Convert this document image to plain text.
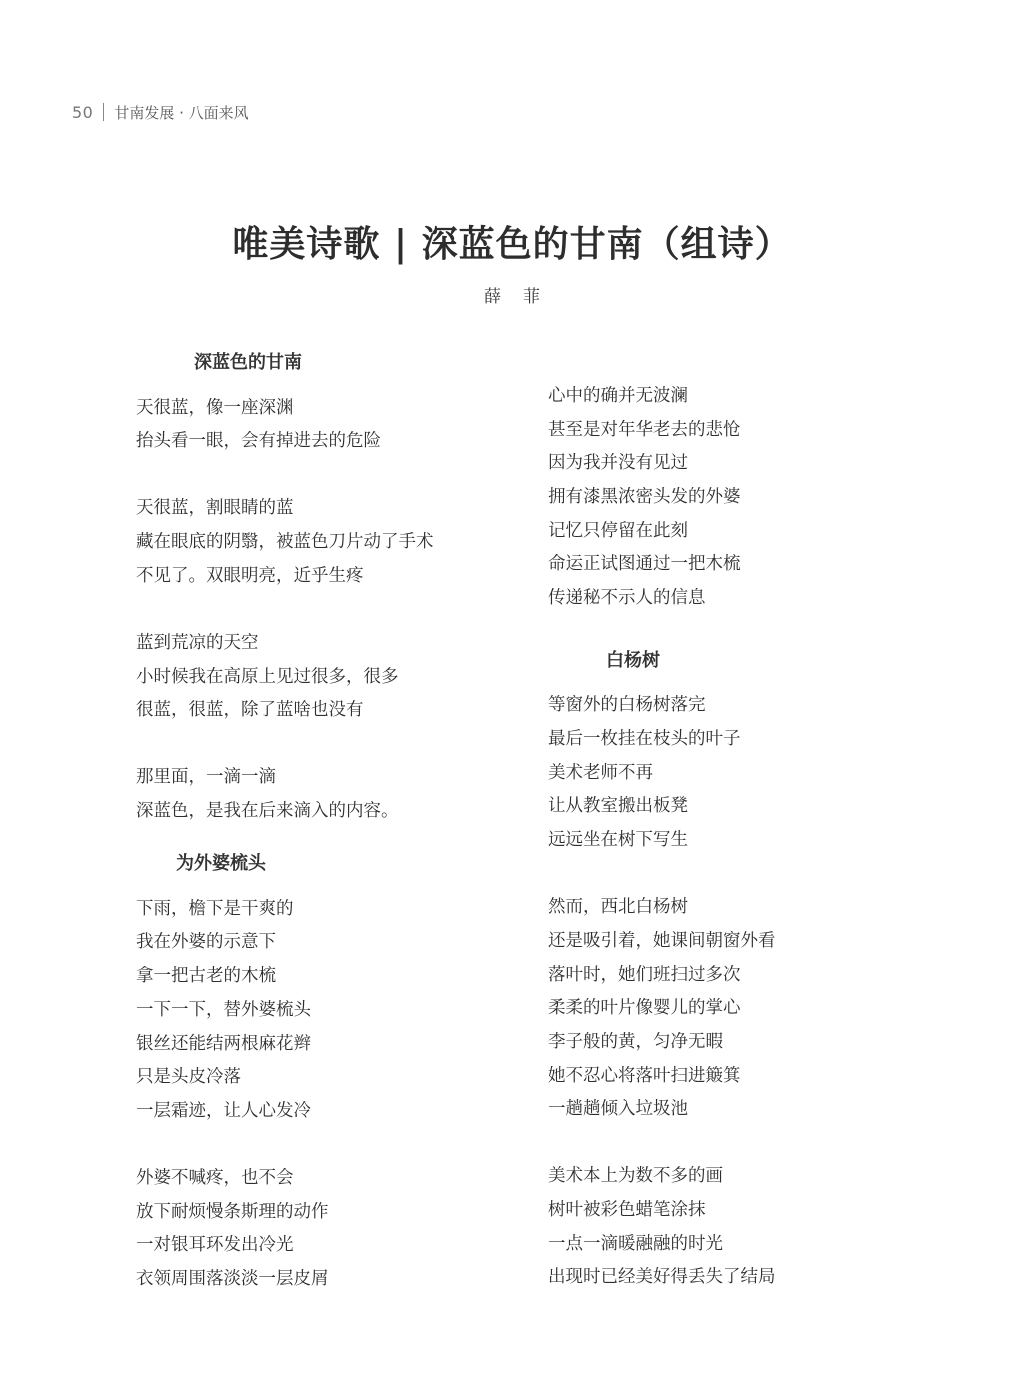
50 甘南发展 · 八面来风
唯美诗歌 | 深蓝色的甘南（组诗）
薛菲
深蓝色的甘南
天很蓝，像一座深渊
抬头看一眼，会有掉进去的危险
天很蓝，割眼睛的蓝
藏在眼底的阴翳，被蓝色刀片动了手术
不见了。双眼明亮，近乎生疼
蓝到荒凉的天空
小时候我在高原上见过很多，很多
很蓝，很蓝，除了蓝啥也没有
那里面，一滴一滴
深蓝色，是我在后来滴入的内容。
为外婆梳头
下雨，檐下是干爽的
我在外婆的示意下
拿一把古老的木梳
一下一下，替外婆梳头
银丝还能结两根麻花辫
只是头皮冷落
一层霜迹，让人心发冷
外婆不喊疼，也不会
放下耐烦慢条斯理的动作
一对银耳环发出冷光
衣领周围落淡淡一层皮屑
心中的确并无波澜
甚至是对年华老去的悲怆
因为我并没有见过
拥有漆黑浓密头发的外婆
记忆只停留在此刻
命运正试图通过一把木梳
传递秘不示人的信息
白杨树
等窗外的白杨树落完
最后一枚挂在枝头的叶子
美术老师不再
让从教室搬出板凳
远远坐在树下写生
然而，西北白杨树
还是吸引着，她课间朝窗外看
落叶时，她们班扫过多次
柔柔的叶片像婴儿的掌心
李子般的黄，匀净无暇
她不忍心将落叶扫进簸箕
一趟趟倾入垃圾池
美术本上为数不多的画
树叶被彩色蜡笔涂抹
一点一滴暖融融的时光
出现时已经美好得丢失了结局
